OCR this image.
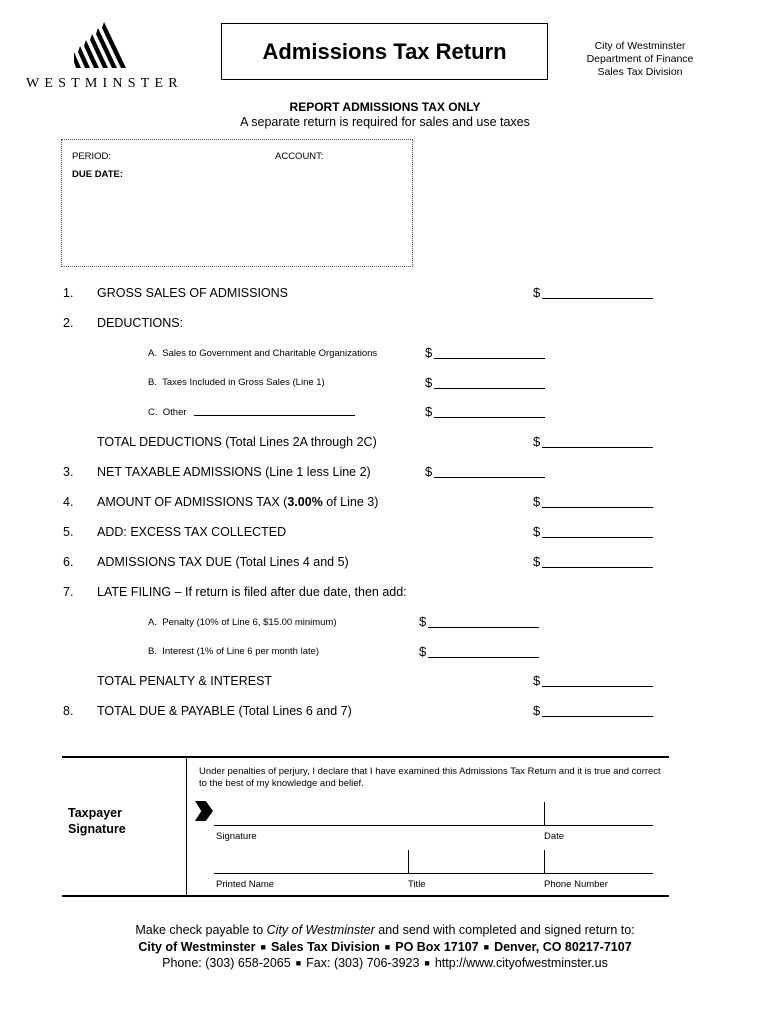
WESTMINSTER
Admissions Tax Return	City of Westminster
Department of Finance
Sales Tax Division
REPORT ADMISSIONS TAX ONLY
A separate return is required for sales and use taxes
PERIOD:	ACCOUNT:
DUE DATE:
1. GROSS SALES OF ADMISSIONS	$
2. DEDUCTIONS:
A.  Sales to Government and Charitable Organizations	$
B.  Taxes Included in Gross Sales (Line 1)	$
C.  Other	$
TOTAL DEDUCTIONS (Total Lines 2A through 2C)	$
3. NET TAXABLE ADMISSIONS (Line 1 less Line 2)	$
4. AMOUNT OF ADMISSIONS TAX (3.00% of Line 3)	$
5. ADD: EXCESS TAX COLLECTED	$
6. ADMISSIONS TAX DUE (Total Lines 4 and 5)	$
7. LATE FILING – If return is filed after due date, then add:
A.  Penalty (10% of Line 6, $15.00 minimum)	$
B.  Interest (1% of Line 6 per month late)	$
TOTAL PENALTY & INTEREST	$
8. TOTAL DUE & PAYABLE (Total Lines 6 and 7)	$
Under penalties of perjury, I declare that I have examined this Admissions Tax Return and it is true and correct to the best of my knowledge and belief.
Taxpayer
Signature
Signature	Date
Printed Name	Title	Phone Number
Make check payable to City of Westminster and send with completed and signed return to:
City of Westminster ■ Sales Tax Division ■ PO Box 17107 ■ Denver, CO 80217-7107
Phone: (303) 658-2065 ■ Fax: (303) 706-3923 ■ http://www.cityofwestminster.us
